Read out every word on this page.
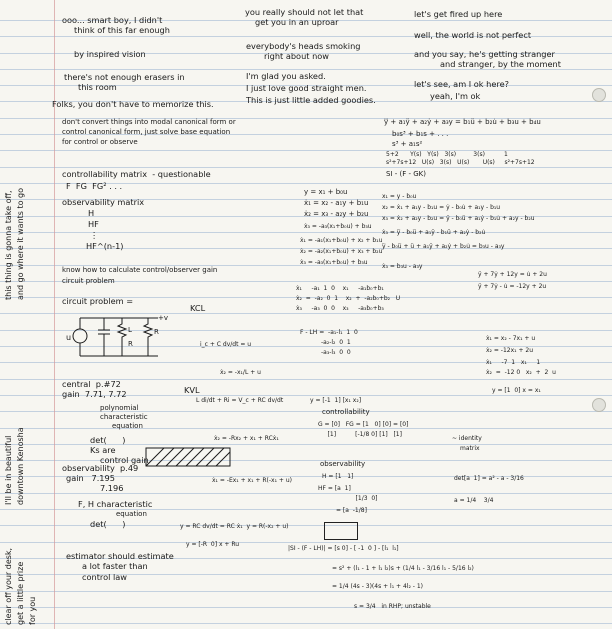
this thing is gonna take off, and go where it wants to go
I'll be in beautiful downtown Kenosha
clear off your desk, get a little prize for you
ooo... smart boy, I didn't
think of this far enough
by inspired vision
there's not enough erasers in
this room
Folks, you don't have to memorize this.
you really should not let that
get you in an uproar
everybody's heads smoking
right about now
I'm glad you asked.
I just love good straight men.
This is just little added goodies.
let's get fired up here
well, the world is not perfect
and you say, he's getting stranger
and stranger, by the moment
let's see, am I ok here?
yeah, I'm ok
don't convert things into modal canonical form or
control canonical form, just solve base equation
for control or observe
controllability matrix  - questionable
F  FG  FG² . . .
observability matrix
H
HF
⋮
HF^(n-1)
know how to calculate control/observer gain
circuit problem
circuit problem =
u
L
R
R
+v
KCL
central  p.#72
gain  7.71, 7.72
polynomial
characteristic
equation
det(      )
Ks are
control gain
KVL
observability  p.49
gain   7.195
7.196
F, H characteristic
equation
det(      )
estimator should estimate
a lot faster than
control law
y⃛ + a₁ÿ + a₂ẏ + a₃y = b₁ü + b₂u̇ + b₃u + b₄u
b₀s³ + b₁s + . . .
s³ + a₁s²
5+2      Y(s)   Y(s)   3(s)         3(s)          1
s²+7s+12   U(s)   3(s)   U(s)       U(s)     s²+7s+12
SI - (F - GK)
y = x₁ + b₀u
ẋ₁ = x₂ - a₁y + b₁u
ẋ₂ = x₃ - a₂y + b₂u
ẋ₃ = -a₃(x₁+b₀u) + b₃u
ẋ₁ = -a₁(x₁+b₀u) + x₂ + b₁u
ẋ₂ = -a₂(x₁+b₀u) + x₃ + b₂u
ẋ₃ = -a₃(x₁+b₀u) + b₃u
x₁ = y - b₀u
x₂ = ẋ₁ + a₁y - b₁u = ẏ - b₀u̇ + a₁y - b₁u
x₃ = ẋ₂ + a₂y - b₂u = ÿ - b₀ü + a₁ẏ - b₁u̇ + a₂y - b₂u
ẋ₃ = y⃛ - b₀u⃛ + a₁ÿ - b₁ü + a₂ẏ - b₂u̇
y⃛ - b₀u⃛ + ü + a₁ÿ + a₂ẏ + b₂u̇ = b₃u - a₃y
ẋ₃ = b₃u - a₃y
ẋ₁     -a₁  1  0    x₁     -a₁b₀+b₁
ẋ₂  =  -a₂  0  1    x₂  +  -a₂b₀+b₂   U
ẋ₃     -a₃  0  0    x₃     -a₃b₀+b₃
F - LH =  -a₁-l₁  1  0
-a₂-l₂  0  1
-a₃-l₃  0  0
ÿ + 7ẏ + 12y = u̇ + 2u
ÿ + 7ẏ - u̇ = -12y + 2u
ẋ₁ = x₂ - 7x₁ + u
ẋ₂ = -12x₁ + 2u
ẋ₁     -7  1   x₁     1
ẋ₂  =  -12 0   x₂  +  2  u
y = [1  0] x = x₁
i_c + C dv/dt = u
ẋ₂ = -x₁/L + u
L di/dt + Ri = V_c + RC dv/dt
ẋ₂ = -Rx₂ + x₁ + RCẋ₁
ẋ₁ = -Ex₁ + x₁ + R(-x₁ + u)
y = RC dv/dt = RC ẋ₁  y = R(-x₂ + u)
y = [-R  0] x + Ru
y = [-1  1] [x₁ x₂]
controllability
G = [0]   FG = [1   0] [0] = [0]
[1]          [-1/8 0] [1]   [1]
~ identity
matrix
observability
H = [1   1]
HF = [a  1]
[1/3  0]
= [a  -1/8]
det[a  1] = a² - a - 3/16
a = 1/4    3/4
|SI - (F - LH)| = [s 0] - [ -1  0 ] - [l₁  l₁]
= s² + (l₁ - 1 + l₁ l₂)s + (1/4 l₁ - 3/16 l₁ - 5/16 l₂)
= 1/4 (4s - 3)(4s + l₁ + 4l₂ - 1)
s = 3/4   in RHP; unstable
